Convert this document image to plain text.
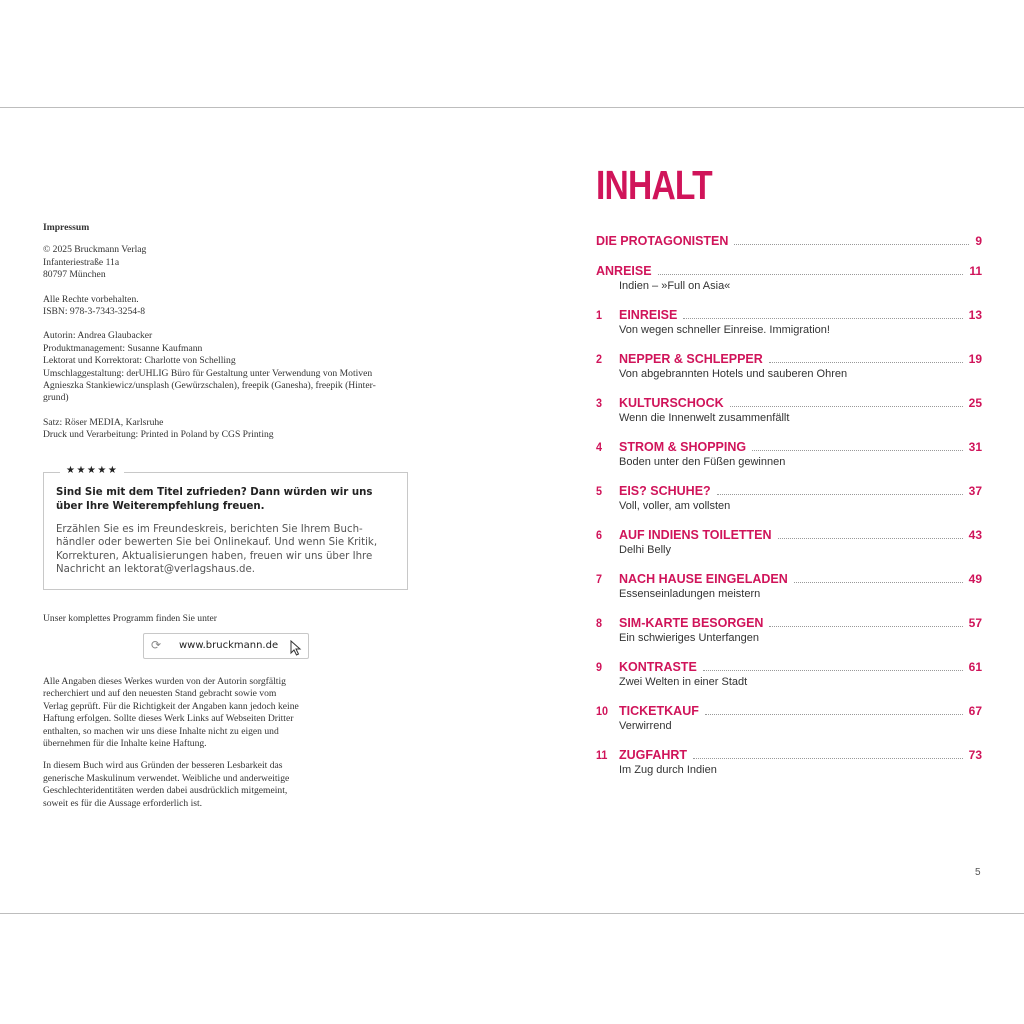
Impressum
© 2025 Bruckmann Verlag
Infanteriestraße 11a
80797 München
Alle Rechte vorbehalten.
ISBN: 978-3-7343-3254-8
Autorin: Andrea Glaubacker
Produktmanagement: Susanne Kaufmann
Lektorat und Korrektorat: Charlotte von Schelling
Umschlaggestaltung: derUHLIG Büro für Gestaltung unter Verwendung von Motiven
Agnieszka Stankiewicz/unsplash (Gewürzschalen), freepik (Ganesha), freepik (Hinter-
grund)
Satz: Röser MEDIA, Karlsruhe
Druck und Verarbeitung: Printed in Poland by CGS Printing
★★★★★
Sind Sie mit dem Titel zufrieden? Dann würden wir uns
über Ihre Weiterempfehlung freuen.
Erzählen Sie es im Freundeskreis, berichten Sie Ihrem Buch-
händler oder bewerten Sie bei Onlinekauf. Und wenn Sie Kritik,
Korrekturen, Aktualisierungen haben, freuen wir uns über Ihre
Nachricht an lektorat@verlagshaus.de.
Unser komplettes Programm finden Sie unter
⟳ www.bruckmann.de
Alle Angaben dieses Werkes wurden von der Autorin sorgfältig
recherchiert und auf den neuesten Stand gebracht sowie vom
Verlag geprüft. Für die Richtigkeit der Angaben kann jedoch keine
Haftung erfolgen. Sollte dieses Werk Links auf Webseiten Dritter
enthalten, so machen wir uns diese Inhalte nicht zu eigen und
übernehmen für die Inhalte keine Haftung.
In diesem Buch wird aus Gründen der besseren Lesbarkeit das
generische Maskulinum verwendet. Weibliche und anderweitige
Geschlechteridentitäten werden dabei ausdrücklich mitgemeint,
soweit es für die Aussage erforderlich ist.
INHALT
DIE PROTAGONISTEN	9
ANREISE	11
Indien – »Full on Asia«
1	EINREISE	13
Von wegen schneller Einreise. Immigration!
2	NEPPER & SCHLEPPER	19
Von abgebrannten Hotels und sauberen Ohren
3	KULTURSCHOCK	25
Wenn die Innenwelt zusammenfällt
4	STROM & SHOPPING	31
Boden unter den Füßen gewinnen
5	EIS? SCHUHE?	37
Voll, voller, am vollsten
6	AUF INDIENS TOILETTEN	43
Delhi Belly
7	NACH HAUSE EINGELADEN	49
Essenseinladungen meistern
8	SIM-KARTE BESORGEN	57
Ein schwieriges Unterfangen
9	KONTRASTE	61
Zwei Welten in einer Stadt
10 TICKETKAUF	67
Verwirrend
11 ZUGFAHRT	73
Im Zug durch Indien
5
